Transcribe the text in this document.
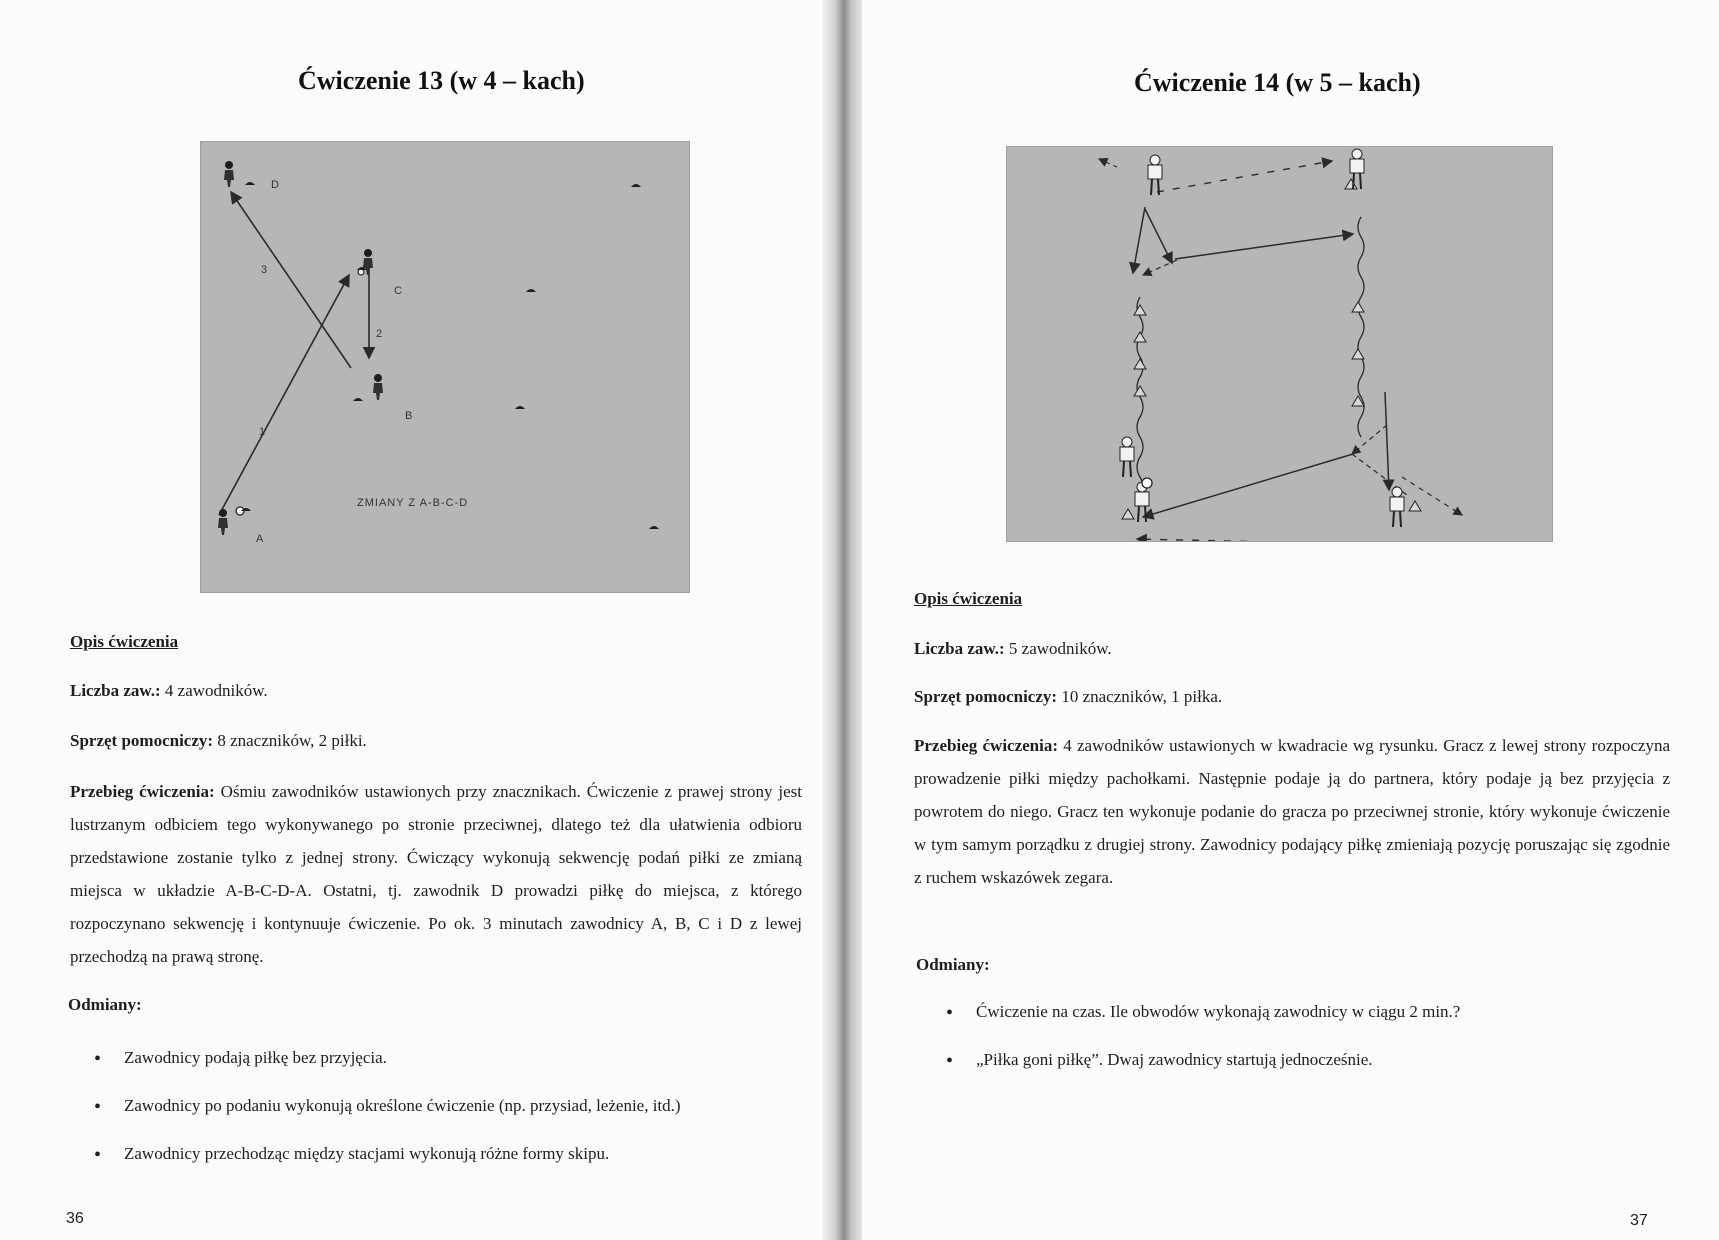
Ćwiczenie 13 (w 4 – kach)
D
C
B
A
1
2
3
ZMIANY Z A-B-C-D
Opis ćwiczenia

Liczba zaw.: 4 zawodników.

Sprzęt pomocniczy: 8 znaczników, 2 piłki.

Przebieg ćwiczenia: Ośmiu zawodników ustawionych przy znacznikach. Ćwiczenie z prawej strony jest lustrzanym odbiciem tego wykonywanego po stronie przeciwnej, dlatego też dla ułatwienia odbioru przedstawione zostanie tylko z jednej strony. Ćwiczący wykonują sekwencję podań piłki ze zmianą miejsca w układzie A-B-C-D-A. Ostatni, tj. zawodnik D prowadzi piłkę do miejsca, z którego rozpoczynano sekwencję i kontynuuje ćwiczenie. Po ok. 3 minutach zawodnicy A, B, C i D z lewej przechodzą na prawą stronę.

Odmiany:
• Zawodnicy podają piłkę bez przyjęcia.
• Zawodnicy po podaniu wykonują określone ćwiczenie (np. przysiad, leżenie, itd.)
• Zawodnicy przechodząc między stacjami wykonują różne formy skipu.
36
Ćwiczenie 14 (w 5 – kach)
Opis ćwiczenia

Liczba zaw.: 5 zawodników.

Sprzęt pomocniczy: 10 znaczników, 1 piłka.

Przebieg ćwiczenia: 4 zawodników ustawionych w kwadracie wg rysunku. Gracz z lewej strony rozpoczyna prowadzenie piłki między pachołkami. Następnie podaje ją do partnera, który podaje ją bez przyjęcia z powrotem do niego. Gracz ten wykonuje podanie do gracza po przeciwnej stronie, który wykonuje ćwiczenie w tym samym porządku z drugiej strony. Zawodnicy podający piłkę zmieniają pozycję poruszając się zgodnie z ruchem wskazówek zegara.

Odmiany:
• Ćwiczenie na czas. Ile obwodów wykonają zawodnicy w ciągu 2 min.?
• „Piłka goni piłkę”. Dwaj zawodnicy startują jednocześnie.
37
